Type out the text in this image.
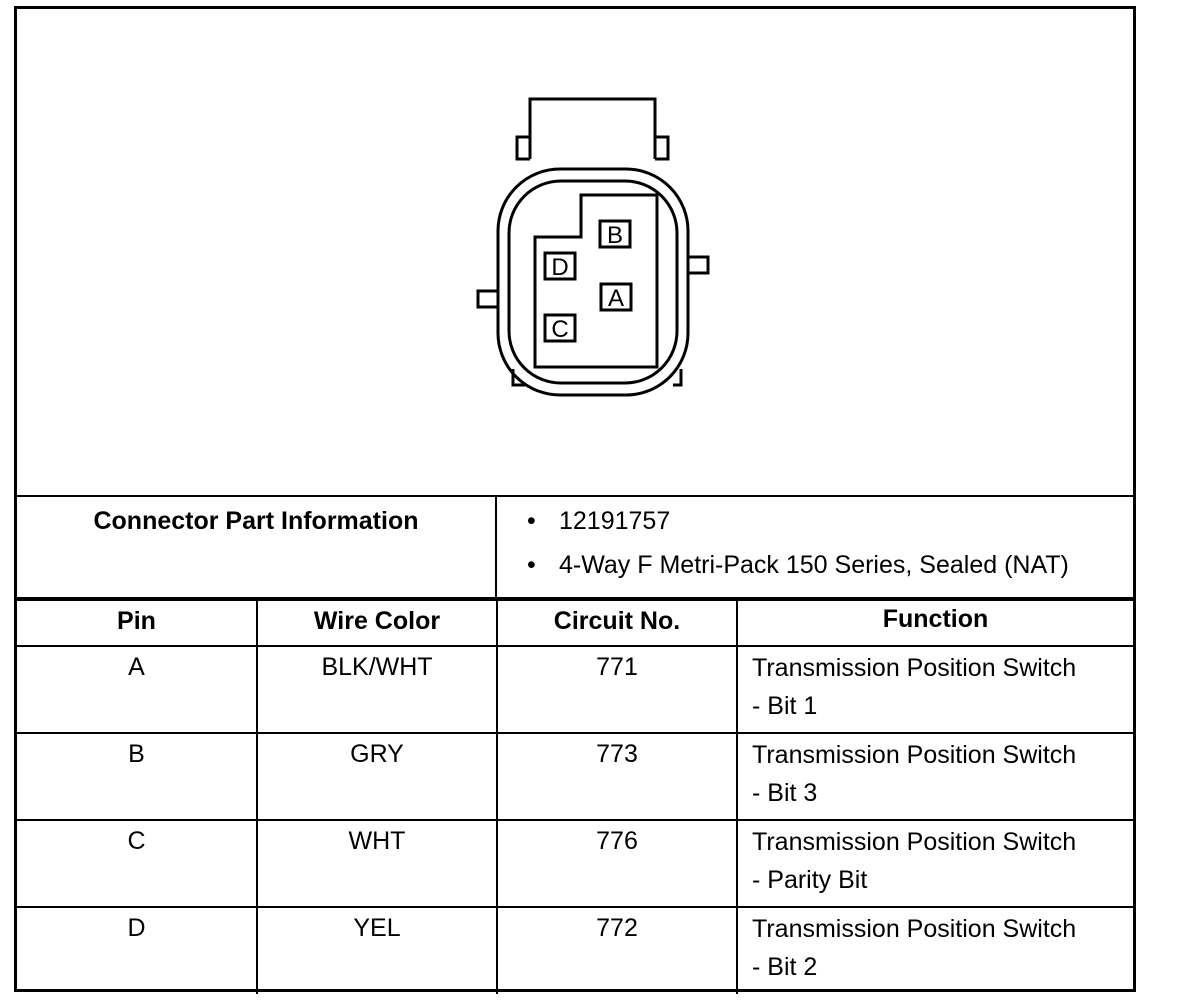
B
D
A
C
Connector Part Information	• 12191757
• 4-Way F Metri-Pack 150 Series, Sealed (NAT)
Pin	Wire Color	Circuit No.	Function
A	BLK/WHT	771	Transmission Position Switch
- Bit 1

B	GRY	773	Transmission Position Switch
- Bit 3

C	WHT	776	Transmission Position Switch
- Parity Bit

D	YEL	772	Transmission Position Switch
- Bit 2
